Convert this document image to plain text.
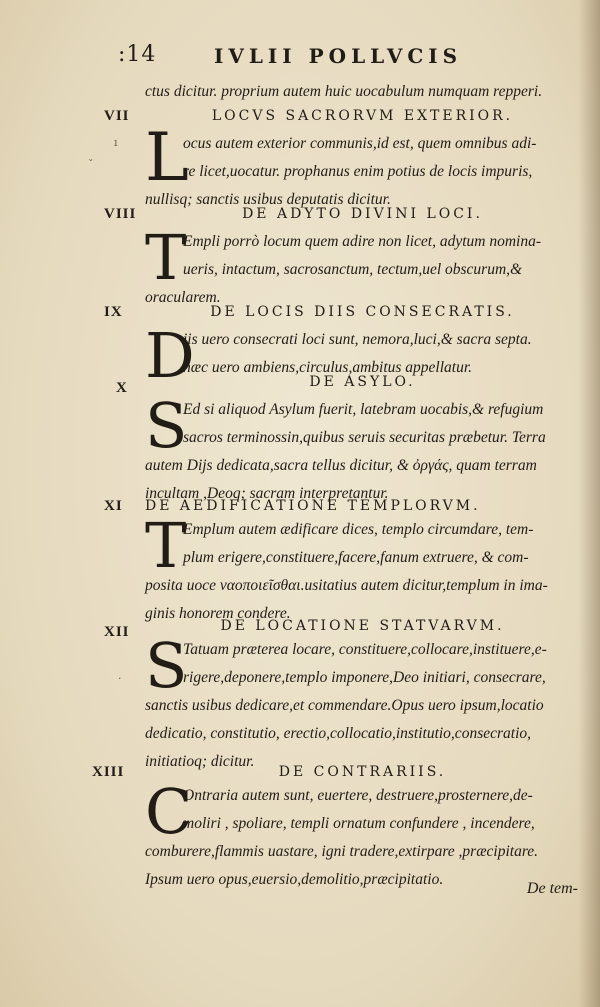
:14	IVLII POLLVCIS
ctus dicitur. proprium autem huic uocabulum numquam repperi.
VII	LOCVS SACRORVM EXTERIOR.
L
ocus autem exterior communis,id est, quem omnibus adi-
re licet,uocatur. prophanus enim potius de locis impuris,
nullisq; sanctis usibus deputatis dicitur.
VIII	DE ADYTO DIVINI LOCI.
T
Empli porrò locum quem adire non licet, adytum nomina-
ueris, intactum, sacrosanctum, tectum,uel obscurum,&
oracularem.
IX	DE LOCIS DIIS CONSECRATIS.
D
iis uero consecrati loci sunt, nemora,luci,& sacra septa.
hæc uero ambiens,circulus,ambitus appellatur.
X	DE ASYLO.
S
Ed si aliquod Asylum fuerit, latebram uocabis,& refugium
sacros terminossin,quibus seruis securitas præbetur. Terra
autem Dijs dedicata,sacra tellus dicitur, & ὀργάς, quam terram
incultam ,Deoq; sacram interpretantur.
XI DE AEDIFICATIONE TEMPLORVM.
T
Emplum autem ædificare dices, templo circumdare, tem-
plum erigere,constituere,facere,fanum extruere, & com-
posita uoce ναοποιεῖσθαι.usitatius autem dicitur,templum in ima-
ginis honorem condere.
XII	DE LOCATIONE STATVARVM.
S
Tatuam præterea locare, constituere,collocare,instituere,e-
rigere,deponere,templo imponere,Deo initiari, consecrare,
sanctis usibus dedicare,et commendare.Opus uero ipsum,locatio
dedicatio, constitutio, erectio,collocatio,institutio,consecratio,
initiatioq; dicitur.
XIII	DE CONTRARIIS.
C
Ontraria autem sunt, euertere, destruere,prosternere,de-
moliri , spoliare, templi ornatum confundere , incendere,
comburere,flammis uastare, igni tradere,extirpare ,præcipitare.
Ipsum uero opus,euersio,demolitio,præcipitatio.
De tem-
ı
ˇ
·
